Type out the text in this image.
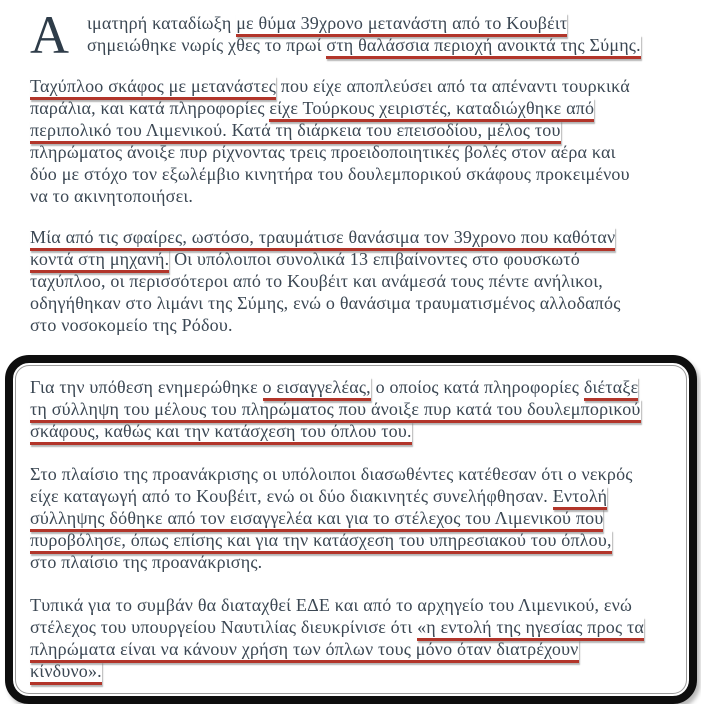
Α ιματηρή καταδίωξη με θύμα 39χρονο μετανάστη από το Κουβέιτ
σημειώθηκε νωρίς χθες το πρωί στη θαλάσσια περιοχή ανοικτά της Σύμης.
Ταχύπλοο σκάφος με μετανάστες που είχε αποπλεύσει από τα απέναντι τουρκικά
παράλια, και κατά πληροφορίες είχε Τούρκους χειριστές, καταδιώχθηκε από
περιπολικό του Λιμενικού. Κατά τη διάρκεια του επεισοδίου, μέλος του
πληρώματος άνοιξε πυρ ρίχνοντας τρεις προειδοποιητικές βολές στον αέρα και
δύο με στόχο τον εξωλέμβιο κινητήρα του δουλεμπορικού σκάφους προκειμένου
να το ακινητοποιήσει.
Μία από τις σφαίρες, ωστόσο, τραυμάτισε θανάσιμα τον 39χρονο που καθόταν
κοντά στη μηχανή. Οι υπόλοιποι συνολικά 13 επιβαίνοντες στο φουσκωτό
ταχύπλοο, οι περισσότεροι από το Κουβέιτ και ανάμεσά τους πέντε ανήλικοι,
οδηγήθηκαν στο λιμάνι της Σύμης, ενώ ο θανάσιμα τραυματισμένος αλλοδαπός
στο νοσοκομείο της Ρόδου.
Για την υπόθεση ενημερώθηκε ο εισαγγελέας, ο οποίος κατά πληροφορίες διέταξε
τη σύλληψη του μέλους του πληρώματος που άνοιξε πυρ κατά του δουλεμπορικού
σκάφους, καθώς και την κατάσχεση του όπλου του.
Στο πλαίσιο της προανάκρισης οι υπόλοιποι διασωθέντες κατέθεσαν ότι ο νεκρός
είχε καταγωγή από το Κουβέιτ, ενώ οι δύο διακινητές συνελήφθησαν. Εντολή
σύλληψης δόθηκε από τον εισαγγελέα και για το στέλεχος του Λιμενικού που
πυροβόλησε, όπως επίσης και για την κατάσχεση του υπηρεσιακού του όπλου,
στο πλαίσιο της προανάκρισης.
Τυπικά για το συμβάν θα διαταχθεί ΕΔΕ και από το αρχηγείο του Λιμενικού, ενώ
στέλεχος του υπουργείου Ναυτιλίας διευκρίνισε ότι «η εντολή της ηγεσίας προς τα
πληρώματα είναι να κάνουν χρήση των όπλων τους μόνο όταν διατρέχουν
κίνδυνο».
